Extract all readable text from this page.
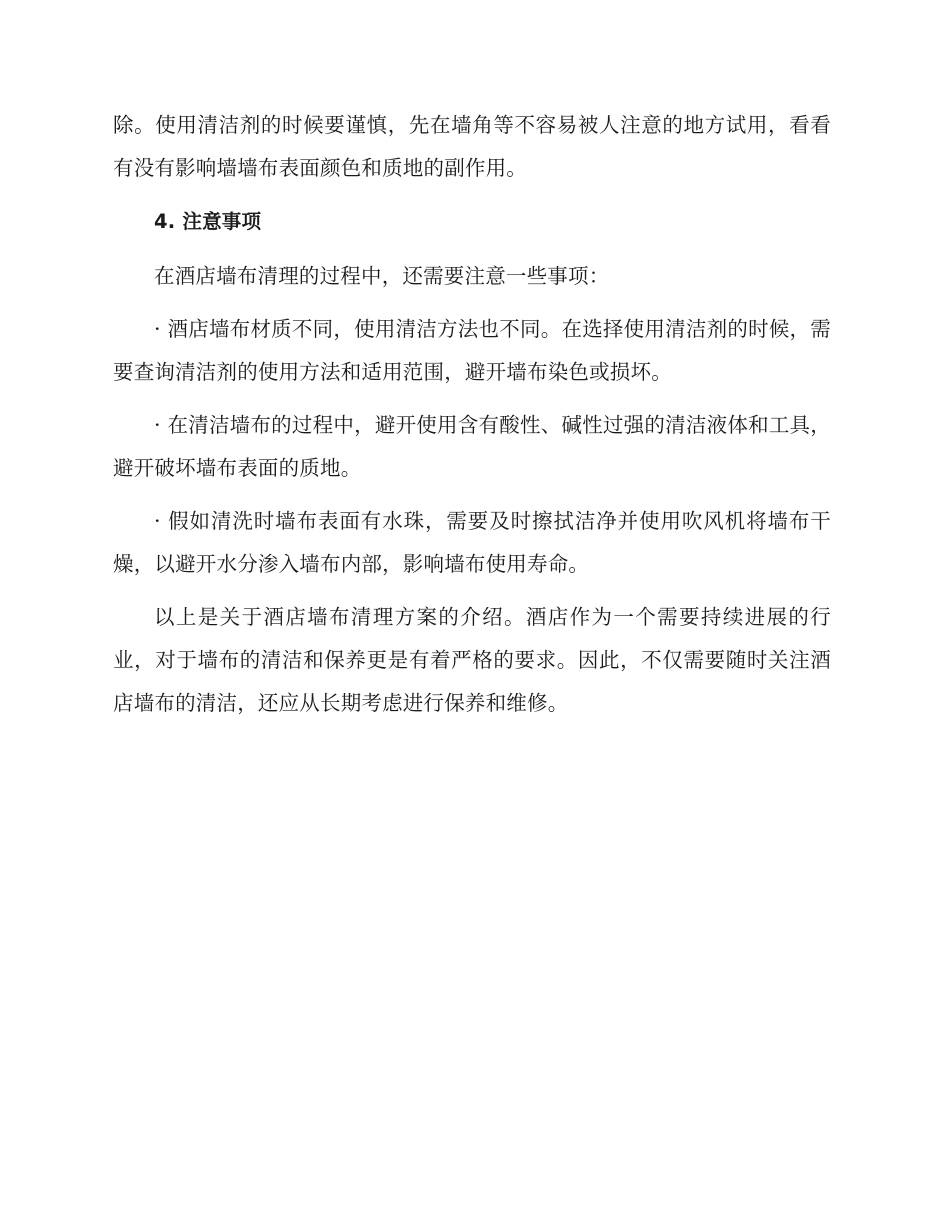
除。使用清洁剂的时候要谨慎，先在墙角等不容易被人注意的地方试用，看看有没有影响墙墙布表面颜色和质地的副作用。

4. 注意事项

在酒店墙布清理的过程中，还需要注意一些事项：

· 酒店墙布材质不同，使用清洁方法也不同。在选择使用清洁剂的时候，需要查询清洁剂的使用方法和适用范围，避开墙布染色或损坏。

· 在清洁墙布的过程中，避开使用含有酸性、碱性过强的清洁液体和工具，避开破坏墙布表面的质地。

· 假如清洗时墙布表面有水珠，需要及时擦拭洁净并使用吹风机将墙布干燥，以避开水分渗入墙布内部，影响墙布使用寿命。

以上是关于酒店墙布清理方案的介绍。酒店作为一个需要持续进展的行业，对于墙布的清洁和保养更是有着严格的要求。因此，不仅需要随时关注酒店墙布的清洁，还应从长期考虑进行保养和维修。
